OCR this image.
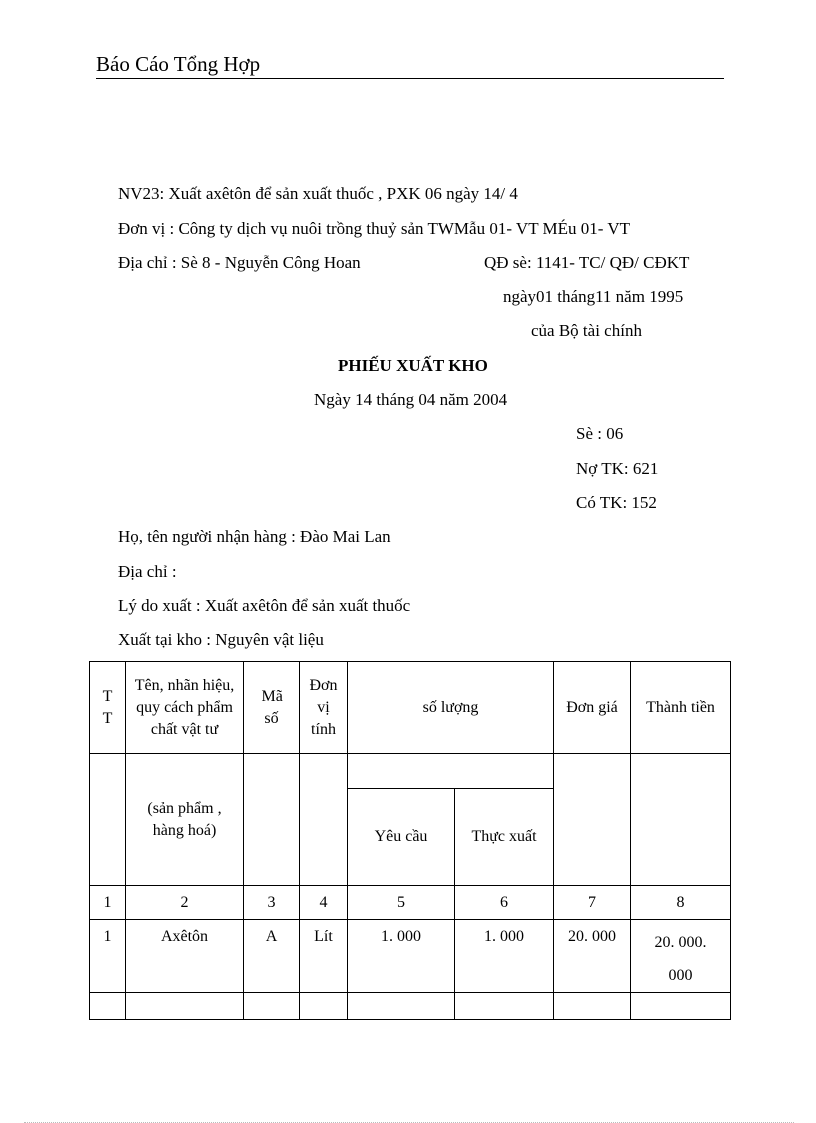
Báo Cáo Tổng Hợp
NV23: Xuất axêtôn để sản xuất thuốc , PXK 06 ngày 14/ 4
Đơn vị : Công ty dịch vụ nuôi trồng thuỷ sản TWMẫu 01- VT MÉu 01- VT
Địa chỉ : Sè 8 - Nguyễn Công Hoan	QĐ sè: 1141- TC/ QĐ/ CĐKT
ngày01 tháng11 năm 1995
của Bộ tài chính
PHIẾU XUẤT KHO
Ngày 14 tháng 04 năm 2004
Sè : 06
Nợ TK: 621
Có TK: 152
Họ, tên người nhận hàng : Đào Mai Lan
Địa chỉ :
Lý do xuất : Xuất axêtôn để sản xuất thuốc
Xuất tại kho : Nguyên vật liệu
T T	Tên, nhãn hiệu, quy cách phẩm chất vật tư	Mã số	Đơn vị tính	số lượng		Đơn giá	Thành tiền

	(sản phẩm , hàng hoá)						

				Yêu cầu	Thực xuất		
1	2	3	4	5	6	7	8
1	Axêtôn	A	Lít	1. 000	1. 000	20. 000	20. 000. 000
